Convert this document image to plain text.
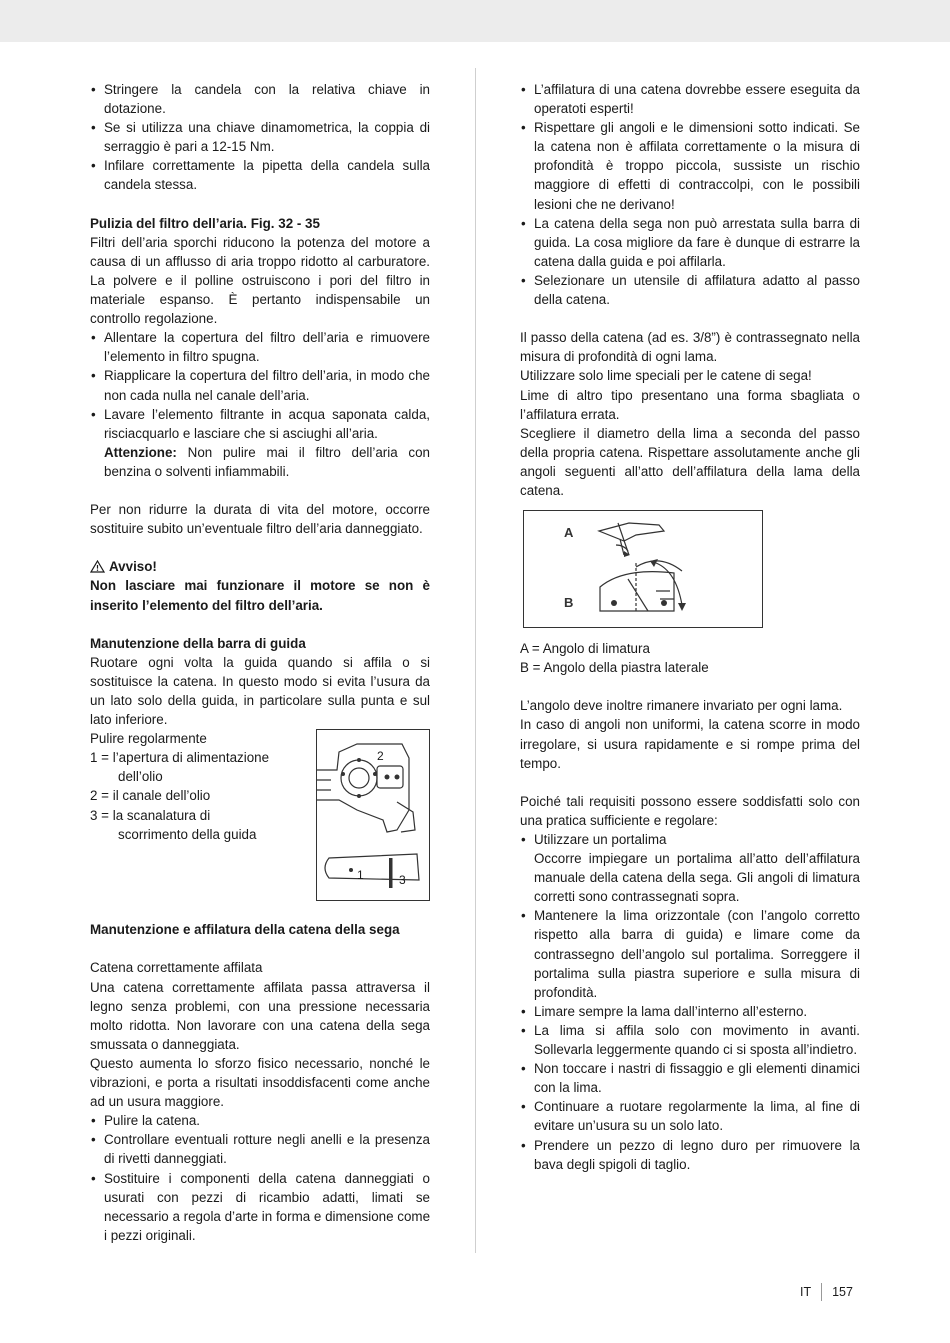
• Stringere la candela con la relativa chiave in dotazione.
• Se si utilizza una chiave dinamometrica, la coppia di serraggio è pari a 12-15 Nm.
• Infilare correttamente la pipetta della candela sulla candela stessa.

Pulizia del filtro dell’aria. Fig. 32 - 35

Filtri dell’aria sporchi riducono la potenza del motore a causa di un afflusso di aria troppo ridotto al carburatore. La polvere e il polline ostruiscono i pori del filtro in materiale espanso. È pertanto indispensabile un controllo regolazione.

• Allentare la copertura del filtro dell’aria e rimuovere l’elemento in filtro spugna.
• Riapplicare la copertura del filtro dell’aria, in modo che non cada nulla nel canale dell’aria.
• Lavare l’elemento filtrante in acqua saponata calda, risciacquarlo e lasciare che si asciughi all’aria.
Attenzione: Non pulire mai il filtro dell’aria con benzina o solventi infiammabili.

Per non ridurre la durata di vita del motore, occorre sostituire subito un’eventuale filtro dell’aria danneggiato.

Avviso!

Non lasciare mai funzionare il motore se non è inserito l’elemento del filtro dell’aria.

Manutenzione della barra di guida

Ruotare ogni volta la guida quando si affila o si sostituisce la catena. In questo modo si evita l’usura da un lato solo della guida, in particolare sulla punta e sul lato inferiore.

Pulire regolarmente

1 = l’apertura di alimentazione

dell’olio

2 = il canale dell’olio

3 = la scanalatura di

scorrimento della guida

2
1	3

Manutenzione e affilatura della catena della sega

Catena correttamente affilata

Una catena correttamente affilata passa attraversa il legno senza problemi, con una pressione necessaria molto ridotta. Non lavorare con una catena della sega smussata o danneggiata.

Questo aumenta lo sforzo fisico necessario, nonché le vibrazioni, e porta a risultati insoddisfacenti come anche ad un usura maggiore.

• Pulire la catena.
• Controllare eventuali rotture negli anelli e la presenza di rivetti danneggiati.
• Sostituire i componenti della catena danneggiati o usurati con pezzi di ricambio adatti, limati se necessario a regola d’arte in forma e dimensione come i pezzi originali.
• L’affilatura di una catena dovrebbe essere eseguita da operatoti esperti!
• Rispettare gli angoli e le dimensioni sotto indicati. Se la catena non è affilata correttamente o la misura di profondità è troppo piccola, sussiste un rischio maggiore di effetti di contraccolpi, con le possibili lesioni che ne derivano!
• La catena della sega non può arrestata sulla barra di guida. La cosa migliore da fare è dunque di estrarre la catena dalla guida e poi affilarla.
• Selezionare un utensile di affilatura adatto al passo della catena.

Il passo della catena (ad es. 3/8”) è contrassegnato nella misura di profondità di ogni lama.

Utilizzare solo lime speciali per le catene di sega!

Lime di altro tipo presentano una forma sbagliata o l’affilatura errata.

Scegliere il diametro della lima a seconda del passo della propria catena. Rispettare assolutamente anche gli angoli seguenti all’atto dell’affilatura della lama della catena.

A
B

A = Angolo di limatura

B = Angolo della piastra laterale

L’angolo deve inoltre rimanere invariato per ogni lama.

In caso di angoli non uniformi, la catena scorre in modo irregolare, si usura rapidamente e si rompe prima del tempo.

Poiché tali requisiti possono essere soddisfatti solo con una pratica sufficiente e regolare:

• Utilizzare un portalima
Occorre impiegare un portalima all’atto dell’affilatura manuale della catena della sega. Gli angoli di limatura corretti sono contrassegnati sopra.
• Mantenere la lima orizzontale (con l’angolo corretto rispetto alla barra di guida) e limare come da contrassegno dell’angolo sul portalima. Sorreggere il portalima sulla piastra superiore e sulla misura di profondità.
• Limare sempre la lama dall’interno all’esterno.
• La lima si affila solo con movimento in avanti. Sollevarla leggermente quando ci si sposta all’indietro.
• Non toccare i nastri di fissaggio e gli elementi dinamici con la lima.
• Continuare a ruotare regolarmente la lima, al fine di evitare un’usura su un solo lato.
• Prendere un pezzo di legno duro per rimuovere la bava degli spigoli di taglio.
IT 157
